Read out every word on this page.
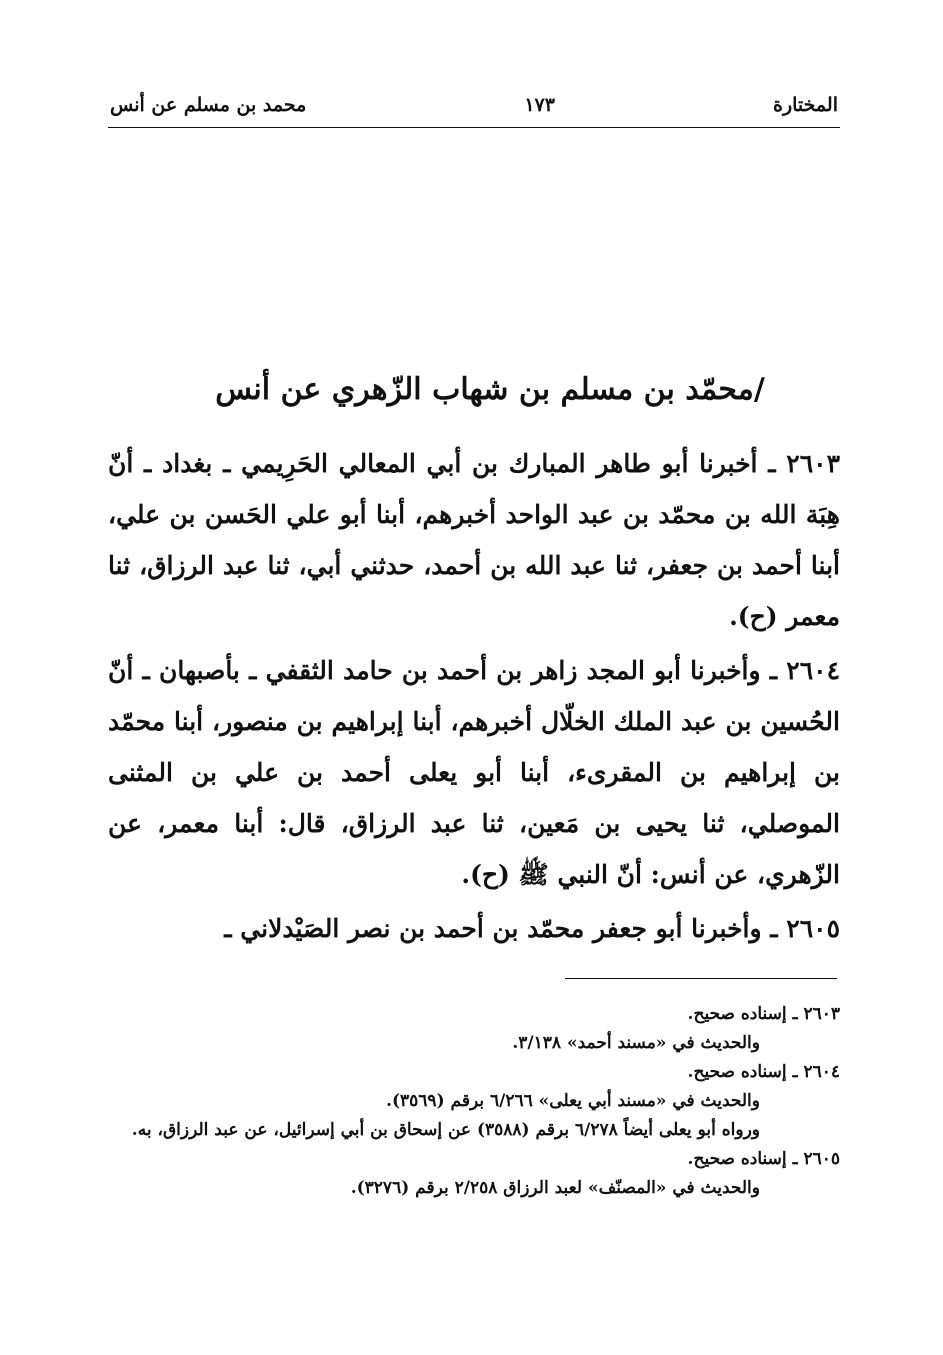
المختارة
١٧٣
محمد بن مسلم عن أنس
/محمّد بن مسلم بن شهاب الزّهري عن أنس

٢٦٠٣ ـ أخبرنا أبو طاهر المبارك بن أبي المعالي الحَرِيمي ـ بغداد ـ أنّ هِبَة الله بن محمّد بن عبد الواحد أخبرهم، أبنا أبو علي الحَسن بن علي، أبنا أحمد بن جعفر، ثنا عبد الله بن أحمد، حدثني أبي، ثنا عبد الرزاق، ثنا معمر (ح).

٢٦٠٤ ـ وأخبرنا أبو المجد زاهر بن أحمد بن حامد الثقفي ـ بأصبهان ـ أنّ الحُسين بن عبد الملك الخلّال أخبرهم، أبنا إبراهيم بن منصور، أبنا محمّد بن إبراهيم بن المقرىء، أبنا أبو يعلى أحمد بن علي بن المثنى الموصلي، ثنا يحيى بن مَعين، ثنا عبد الرزاق، قال: أبنا معمر، عن الزّهري، عن أنس: أنّ النبي ﷺ (ح).

٢٦٠٥ ـ وأخبرنا أبو جعفر محمّد بن أحمد بن نصر الصَيْدلاني ـ

٢٦٠٣ ـ إسناده صحيح.
والحديث في «مسند أحمد» ٣/١٣٨.
٢٦٠٤ ـ إسناده صحيح.
والحديث في «مسند أبي يعلى» ٦/٢٦٦ برقم (٣٥٦٩).
ورواه أبو يعلى أيضاً ٦/٢٧٨ برقم (٣٥٨٨) عن إسحاق بن أبي إسرائيل، عن عبد الرزاق، به.
٢٦٠٥ ـ إسناده صحيح.
والحديث في «المصنّف» لعبد الرزاق ٢/٢٥٨ برقم (٣٢٧٦).
